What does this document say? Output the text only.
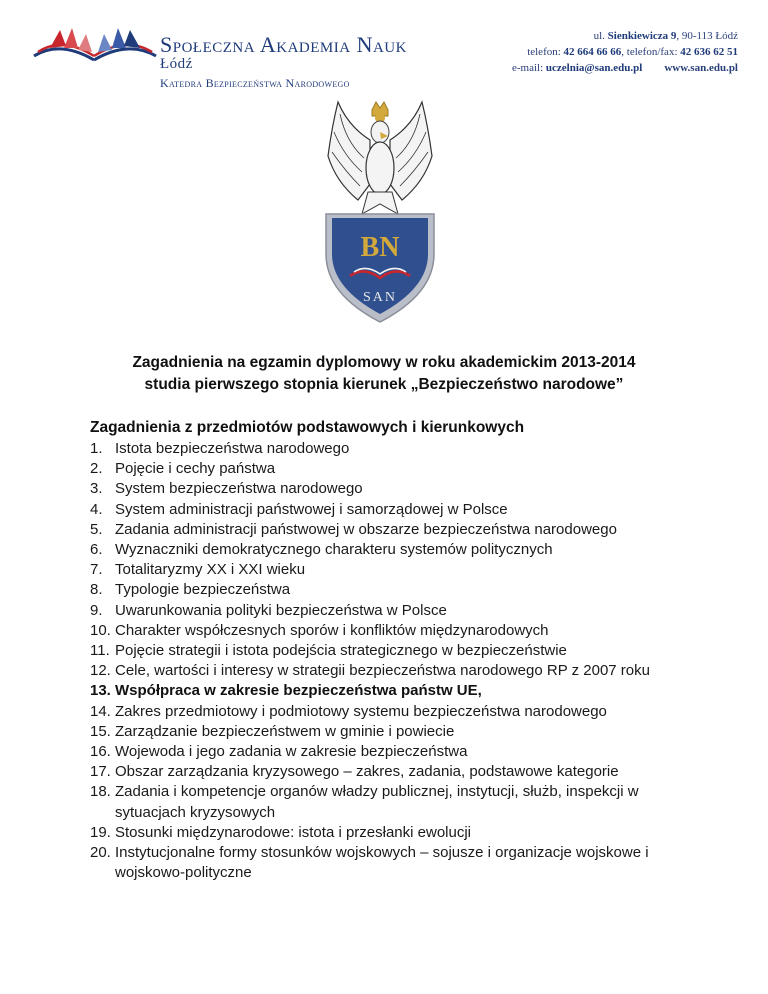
Społeczna Akademia Nauk
Łódź
Katedra Bezpieczeństwa Narodowego
ul. Sienkiewicza 9, 90-113 Łódź
telefon: 42 664 66 66, telefon/fax: 42 636 62 51
e-mail: uczelnia@san.edu.pl www.san.edu.pl
BN
SAN
Zagadnienia na egzamin dyplomowy w roku akademickim 2013-2014
studia pierwszego stopnia kierunek „Bezpieczeństwo narodowe”
Zagadnienia z przedmiotów podstawowych i kierunkowych
1. Istota bezpieczeństwa narodowego
2. Pojęcie i cechy państwa
3. System bezpieczeństwa narodowego
4. System administracji państwowej i samorządowej w Polsce
5. Zadania administracji państwowej w obszarze bezpieczeństwa narodowego
6. Wyznaczniki demokratycznego charakteru systemów politycznych
7. Totalitaryzmy XX i XXI wieku
8. Typologie bezpieczeństwa
9. Uwarunkowania polityki bezpieczeństwa w Polsce
10. Charakter współczesnych sporów i konfliktów międzynarodowych
11. Pojęcie strategii i istota podejścia strategicznego w bezpieczeństwie
12. Cele, wartości i interesy w strategii bezpieczeństwa narodowego RP z 2007 roku
13. Współpraca w zakresie bezpieczeństwa państw UE,
14. Zakres przedmiotowy i podmiotowy systemu bezpieczeństwa narodowego
15. Zarządzanie bezpieczeństwem w gminie i powiecie
16. Wojewoda i jego zadania w zakresie bezpieczeństwa
17. Obszar zarządzania kryzysowego – zakres, zadania, podstawowe kategorie
18. Zadania i kompetencje organów władzy publicznej, instytucji, służb, inspekcji w sytuacjach kryzysowych
19. Stosunki międzynarodowe: istota i przesłanki ewolucji
20. Instytucjonalne formy stosunków wojskowych – sojusze i organizacje wojskowe i wojskowo-polityczne
